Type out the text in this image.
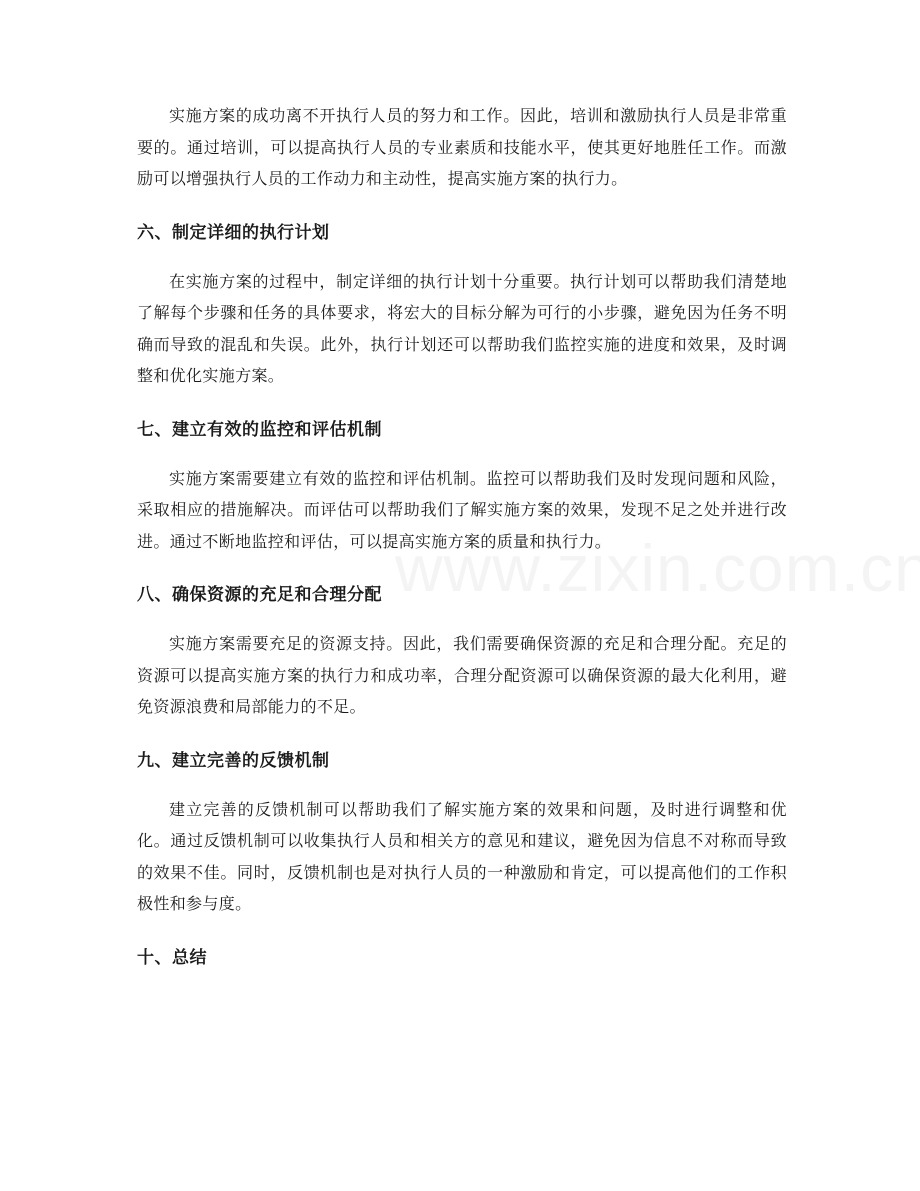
实施方案的成功离不开执行人员的努力和工作。因此，培训和激励执行人员是非常重要的。通过培训，可以提高执行人员的专业素质和技能水平，使其更好地胜任工作。而激励可以增强执行人员的工作动力和主动性，提高实施方案的执行力。

六、制定详细的执行计划

在实施方案的过程中，制定详细的执行计划十分重要。执行计划可以帮助我们清楚地了解每个步骤和任务的具体要求，将宏大的目标分解为可行的小步骤，避免因为任务不明确而导致的混乱和失误。此外，执行计划还可以帮助我们监控实施的进度和效果，及时调整和优化实施方案。

七、建立有效的监控和评估机制

实施方案需要建立有效的监控和评估机制。监控可以帮助我们及时发现问题和风险，采取相应的措施解决。而评估可以帮助我们了解实施方案的效果，发现不足之处并进行改进。通过不断地监控和评估，可以提高实施方案的质量和执行力。

八、确保资源的充足和合理分配

实施方案需要充足的资源支持。因此，我们需要确保资源的充足和合理分配。充足的资源可以提高实施方案的执行力和成功率，合理分配资源可以确保资源的最大化利用，避免资源浪费和局部能力的不足。

九、建立完善的反馈机制

建立完善的反馈机制可以帮助我们了解实施方案的效果和问题，及时进行调整和优化。通过反馈机制可以收集执行人员和相关方的意见和建议，避免因为信息不对称而导致的效果不佳。同时，反馈机制也是对执行人员的一种激励和肯定，可以提高他们的工作积极性和参与度。

十、总结
